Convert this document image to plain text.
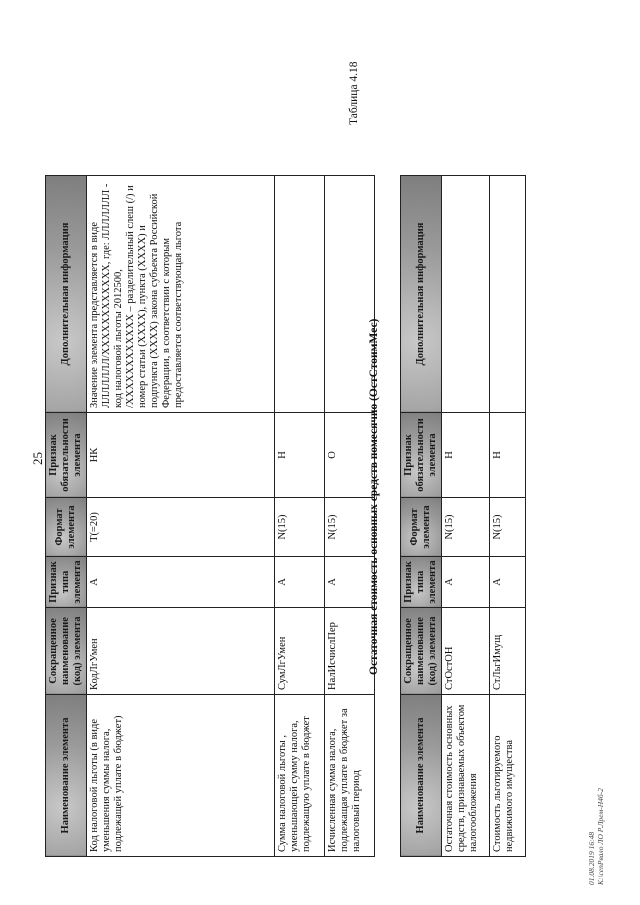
25
Наименование элемента	Сокращенное наименование (код) элемента	Признак типа элемента	Формат элемента	Признак обязательности элемента	Дополнительная информация
Код налоговой льготы (в виде уменьшения суммы налога, подлежащей уплате в бюджет)	КодЛгУмен	А	T(=20)	НК	Значение элемента представляется в виде ЛЛЛЛЛЛЛ/ХХХХХХХХХХХХ, где: ЛЛЛЛЛЛЛ - код налоговой льготы 2012500, /XXXXXXXXXXXX – разделительный слеш (/) и номер статьи (XXXX), пункта (XXXX) и подпункта (XXXX) закона субъекта Российской Федерации, в соответствии с которым предоставляется соответствующая льгота
Сумма налоговой льготы , уменьшающей сумму налога, подлежащую уплате в бюджет	СумЛгУмен	А	N(15)	Н	
Исчисленная сумма налога, подлежащая уплате в бюджет за налоговый период	НалИсчислПер	А	N(15)	О	
Таблица 4.18
Остаточная стоимость основных средств помесячно (ОстСтоимМес)
Наименование элемента	Сокращенное наименование (код) элемента	Признак типа элемента	Формат элемента	Признак обязательности элемента	Дополнительная информация
Остаточная стоимость основных средств, признаваемых объектом налогообложения	СтОстОН	А	N(15)	Н	
Стоимость льготируемого недвижимого имущества	СтЛьгИмущ	А	N(15)	Н	
01.08.2019 16:48 К:\сепРвало ЛО Р.Лрем-Н4б-2
